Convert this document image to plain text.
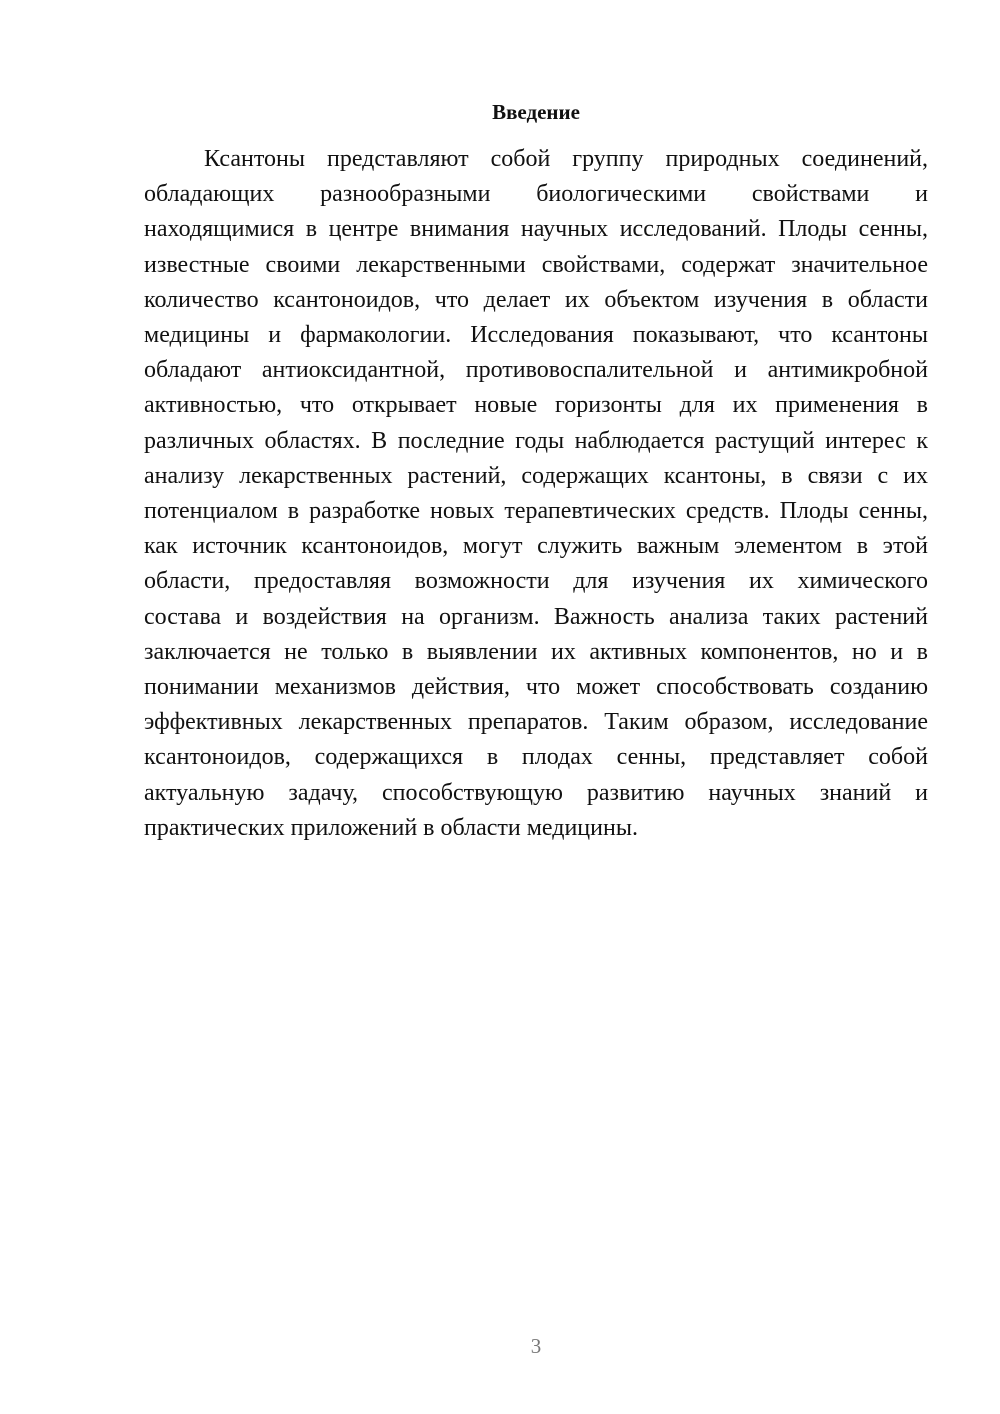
Введение
Ксантоны представляют собой группу природных соединений,
обладающих разнообразными биологическими свойствами и
находящимися в центре внимания научных исследований. Плоды сенны,
известные своими лекарственными свойствами, содержат значительное
количество ксантоноидов, что делает их объектом изучения в области
медицины и фармакологии. Исследования показывают, что ксантоны
обладают антиоксидантной, противовоспалительной и антимикробной
активностью, что открывает новые горизонты для их применения в
различных областях. В последние годы наблюдается растущий интерес к
анализу лекарственных растений, содержащих ксантоны, в связи с их
потенциалом в разработке новых терапевтических средств. Плоды сенны,
как источник ксантоноидов, могут служить важным элементом в этой
области, предоставляя возможности для изучения их химического
состава и воздействия на организм. Важность анализа таких растений
заключается не только в выявлении их активных компонентов, но и в
понимании механизмов действия, что может способствовать созданию
эффективных лекарственных препаратов. Таким образом, исследование
ксантоноидов, содержащихся в плодах сенны, представляет собой
актуальную задачу, способствующую развитию научных знаний и
практических приложений в области медицины.
3
